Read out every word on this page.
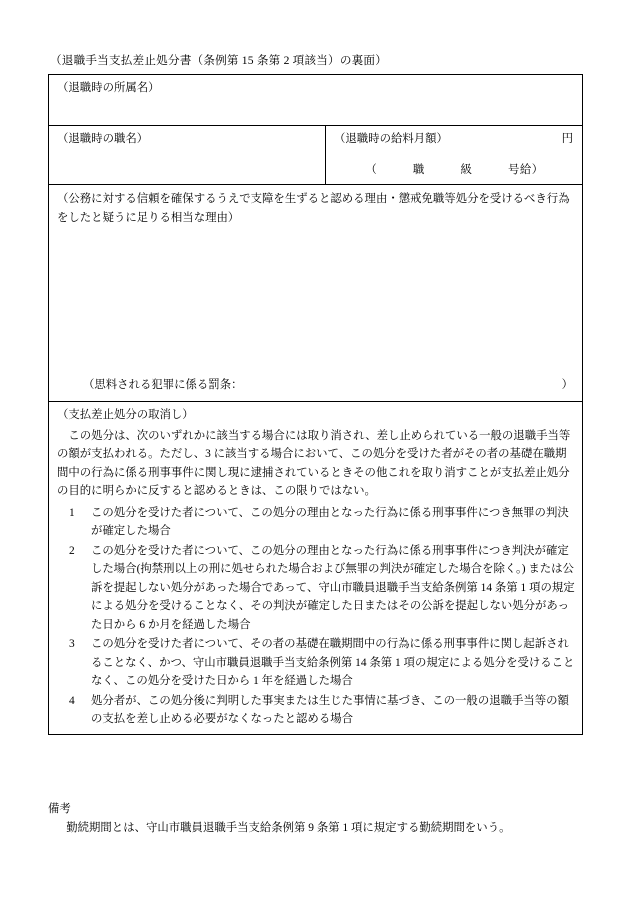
（退職手当支払差止処分書（条例第 15 条第 2 項該当）の裏面）
（退職時の所属名）
（退職時の職名）	（退職時の給料月額）	円
（　　　職　　　級　　　号給）

（公務に対する信頼を確保するうえで支障を生ずると認める理由・懲戒免職等処分を受けるべき行為をしたと疑うに足りる相当な理由）
）
（思料される犯罪に係る罰条：

（支払差止処分の取消し）
この処分は、次のいずれかに該当する場合には取り消され、差し止められている一般の退職手当等の額が支払われる。ただし、3 に該当する場合において、この処分を受けた者がその者の基礎在職期間中の行為に係る刑事事件に関し現に逮捕されているときその他これを取り消すことが支払差止処分の目的に明らかに反すると認めるときは、この限りではない。
1 この処分を受けた者について、この処分の理由となった行為に係る刑事事件につき無罪の判決が確定した場合
2 この処分を受けた者について、この処分の理由となった行為に係る刑事事件につき判決が確定した場合(拘禁刑以上の刑に処せられた場合および無罪の判決が確定した場合を除く。) または公訴を提起しない処分があった場合であって、守山市職員退職手当支給条例第 14 条第 1 項の規定による処分を受けることなく、その判決が確定した日またはその公訴を提起しない処分があった日から 6 か月を経過した場合
3 この処分を受けた者について、その者の基礎在職期間中の行為に係る刑事事件に関し起訴されることなく、かつ、守山市職員退職手当支給条例第 14 条第 1 項の規定による処分を受けることなく、この処分を受けた日から 1 年を経過した場合
4 処分者が、この処分後に判明した事実または生じた事情に基づき、この一般の退職手当等の額の支払を差し止める必要がなくなったと認める場合
備考
勤続期間とは、守山市職員退職手当支給条例第 9 条第 1 項に規定する勤続期間をいう。
